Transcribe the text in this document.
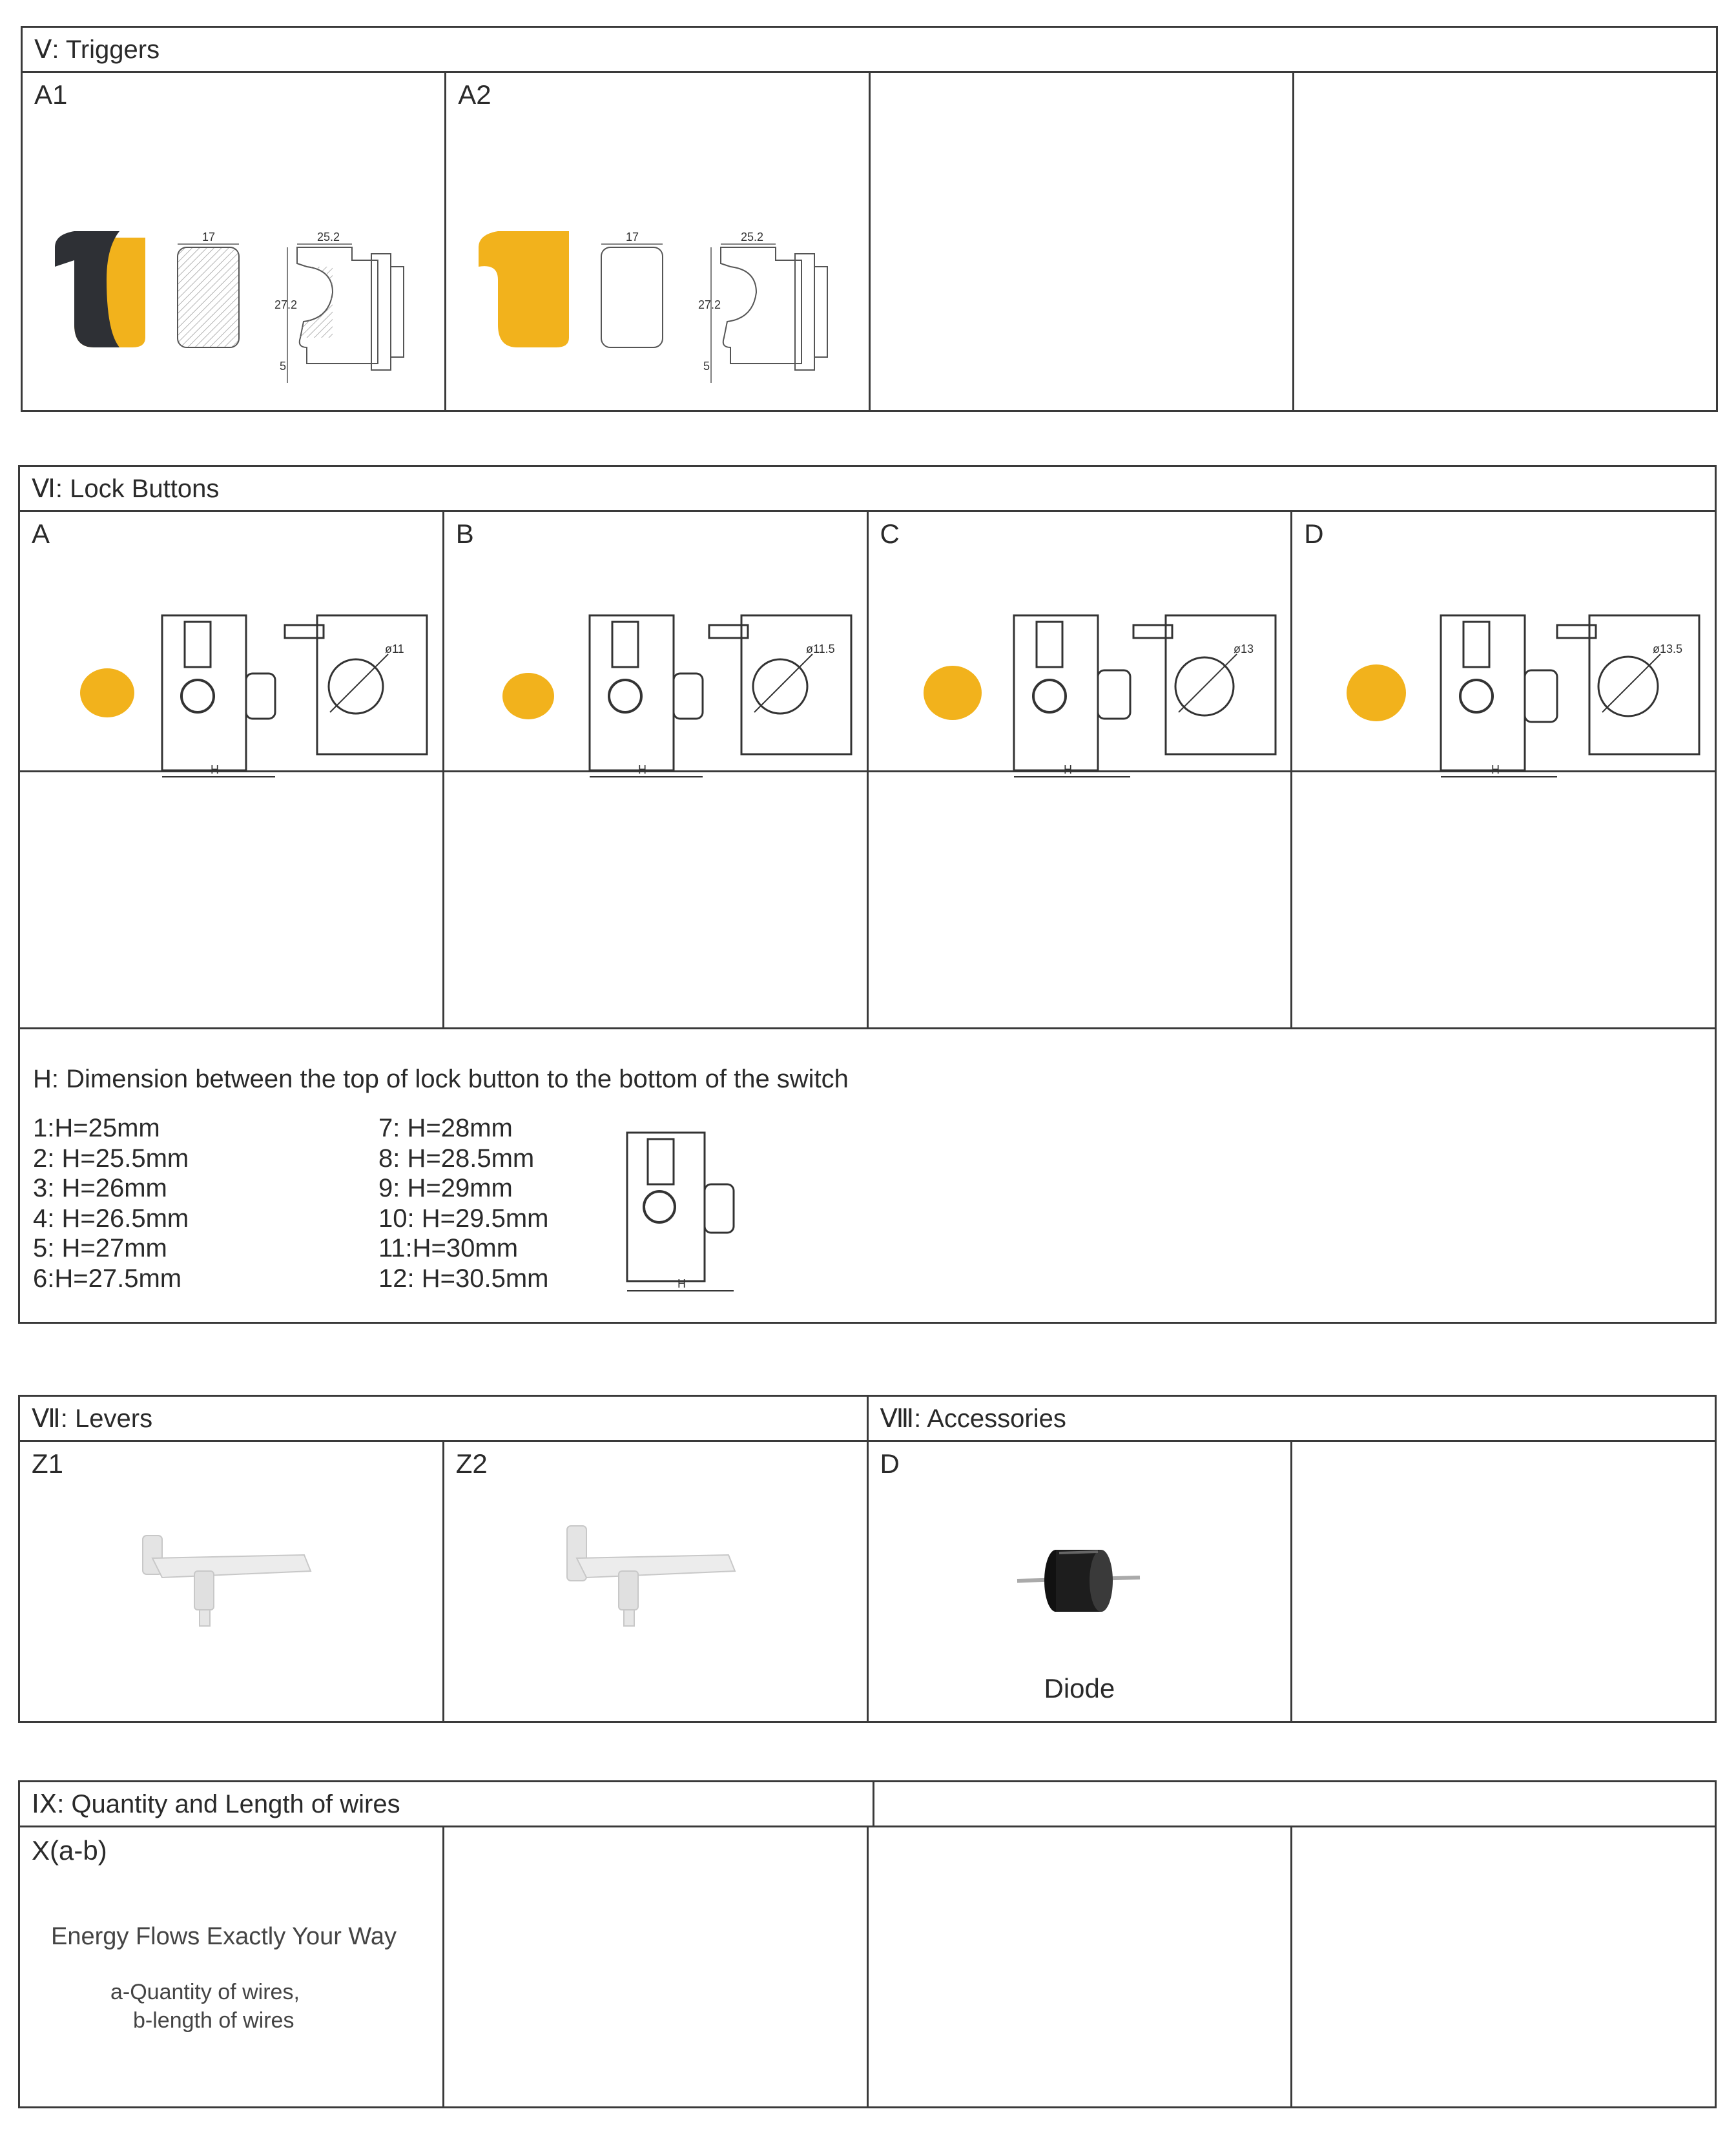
Ⅴ: Triggers
A1
17	25.2
27.2
5
A2
17	25.2
27.2
5
Ⅵ: Lock Buttons
A
H
ø11
B
H
ø11.5
C
H
ø13
D
H
ø13.5
H: Dimension between the top of lock button to the bottom of the switch
1:H=25mm
2: H=25.5mm
3: H=26mm
4: H=26.5mm
5: H=27mm
6:H=27.5mm
7: H=28mm
8: H=28.5mm
9: H=29mm
10: H=29.5mm
11:H=30mm
12: H=30.5mm	H
Ⅶ: Levers	Ⅷ: Accessories
Z1	Z2	D
Diode
ⅠⅩ: Quantity and Length of wires
X(a-b)
Energy Flows Exactly Your Way
a-Quantity of wires,
b-length of wires
